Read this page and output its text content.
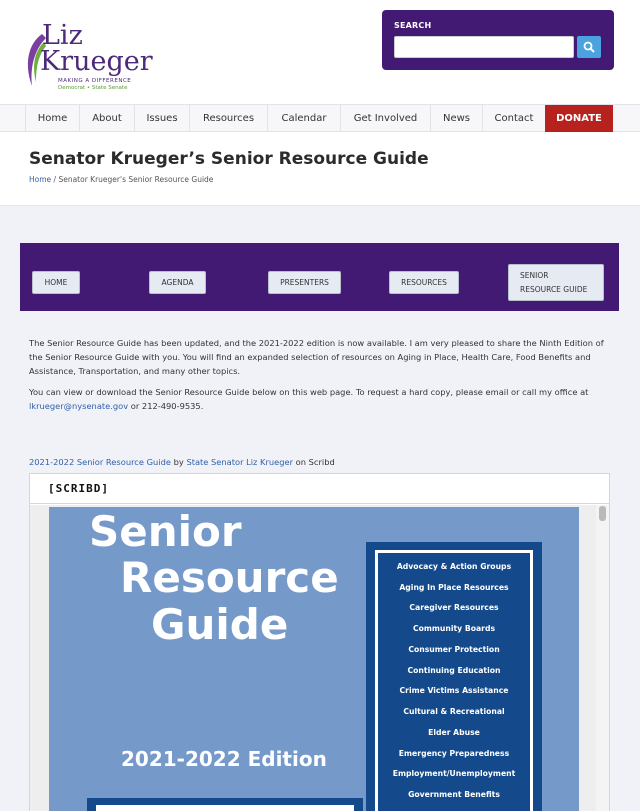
Liz
Krueger
MAKING A DIFFERENCE
Democrat • State Senate
SEARCH
Home	About	Issues	Resources	Calendar	Get Involved	News	Contact	DONATE
Senator Krueger’s Senior Resource Guide
Home / Senator Krueger's Senior Resource Guide
HOME	AGENDA	PRESENTERS	RESOURCES
SENIOR
RESOURCE GUIDE

The Senior Resource Guide has been updated, and the 2021-2022 edition is now available. I am very pleased to share the Ninth Edition of the Senior Resource Guide with you. You will find an expanded selection of resources on Aging in Place, Health Care, Food Benefits and Assistance, Transportation, and many other topics.

You can view or download the Senior Resource Guide below on this web page. To request a hard copy, please email or call my office at lkrueger@nysenate.gov or 212-490-9535.

2021-2022 Senior Resource Guide by State Senator Liz Krueger on Scribd
[SCRIBD]
Senior
Resource
Guide
2021-2022 Edition
Advocacy & Action Groups
Aging In Place Resources
Caregiver Resources
Community Boards
Consumer Protection
Continuing Education
Crime Victims Assistance
Cultural & Recreational
Elder Abuse
Emergency Preparedness
Employment/Unemployment
Government Benefits
